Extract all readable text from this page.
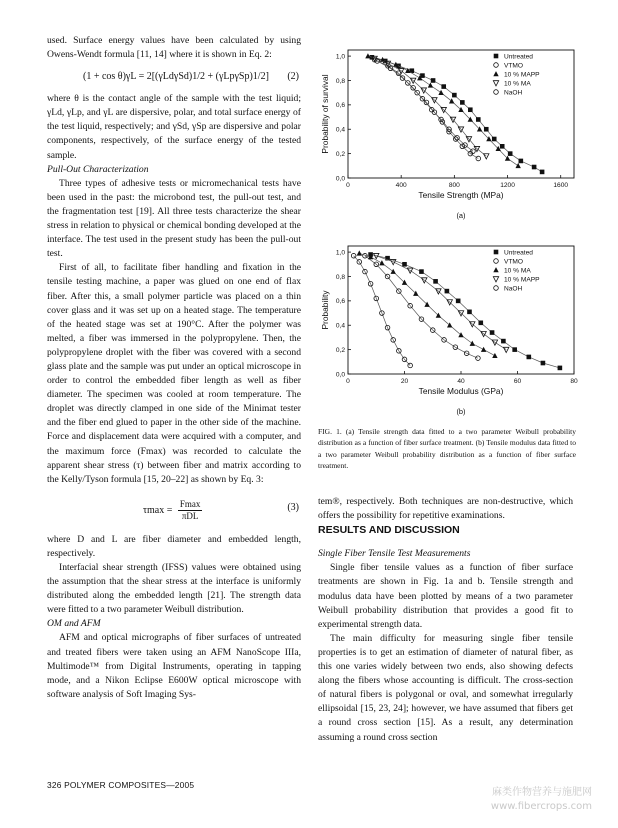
used. Surface energy values have been calculated by using Owens-Wendt formula [11, 14] where it is shown in Eq. 2:

(1 + cos θ)γL = 2[(γLdγSd)1/2 + (γLpγSp)1/2] (2)

where θ is the contact angle of the sample with the test liquid; γLd, γLp, and γL are dispersive, polar, and total surface energy of the test liquid, respectively; and γSd, γSp are dispersive and polar components, respectively, of the surface energy of the tested sample.

Pull-Out Characterization

Three types of adhesive tests or micromechanical tests have been used in the past: the microbond test, the pull-out test, and the fragmentation test [19]. All three tests characterize the shear stress in relation to physical or chemical bonding developed at the interface. The test used in the present study has been the pull-out test.

First of all, to facilitate fiber handling and fixation in the tensile testing machine, a paper was glued on one end of flax fiber. After this, a small polymer particle was placed on a thin cover glass and it was set up on a heated stage. The temperature of the heated stage was set at 190°C. After the polymer was melted, a fiber was immersed in the polypropylene. Then, the polypropylene droplet with the fiber was covered with a second glass plate and the sample was put under an optical microscope in order to control the embedded fiber length as well as fiber diameter. The specimen was cooled at room temperature. The droplet was directly clamped in one side of the Minimat tester and the fiber end glued to paper in the other side of the machine. Force and displacement data were acquired with a computer, and the maximum force (Fmax) was recorded to calculate the apparent shear stress (τ) between fiber and matrix according to the Kelly/Tyson formula [15, 20–22] as shown by Eq. 3:

$\tau\max = \frac{Fmax}{\text{πDL}}$	(3)

where D and L are fiber diameter and embedded length, respectively.

Interfacial shear strength (IFSS) values were obtained using the assumption that the shear stress at the interface is uniformly distributed along the embedded length [21]. The strength data were fitted to a two parameter Weibull distribution.

OM and AFM

AFM and optical micrographs of fiber surfaces of untreated and treated fibers were taken using an AFM NanoScope IIIa, Multimode™ from Digital Instruments, operating in tapping mode, and a Nikon Eclipse E600W optical microscope with software analysis of Soft Imaging Sys-

0	400	800	1200	1600
0,0
0,2
0,4
0,6
0,8
1,0
Tensile Strength (MPa)
Probability of survival
Untreated
VTMO
10 % MAPP
10 % MA
NaOH
(a)
0	20	40	60	80
0,0
0,2
0,4
0,6
0,8
1,0
Tensile Modulus (GPa)
Probability
Untreated
VTMO
10 % MA
10 % MAPP
NaOH
(b)
FIG. 1. (a) Tensile strength data fitted to a two parameter Weibull probability distribution as a function of fiber surface treatment. (b) Tensile modulus data fitted to a two parameter Weibull probability distribution as a function of fiber surface treatment.

tem®, respectively. Both techniques are non-destructive, which offers the possibility for repetitive examinations.

RESULTS AND DISCUSSION

Single Fiber Tensile Test Measurements

Single fiber tensile values as a function of fiber surface treatments are shown in Fig. 1a and b. Tensile strength and modulus data have been plotted by means of a two parameter Weibull probability distribution that provides a good fit to experimental strength data.

The main difficulty for measuring single fiber tensile properties is to get an estimation of diameter of natural fiber, as this one varies widely between two ends, also showing defects along the fibers whose accounting is difficult. The cross-section of natural fibers is polygonal or oval, and somewhat irregularly ellipsoidal [15, 23, 24]; however, we have assumed that fibers get a round cross section [15]. As a result, any determination assuming a round cross section

326 POLYMER COMPOSITES—2005
麻类作物营养与施肥网
www.fibercrops.com
